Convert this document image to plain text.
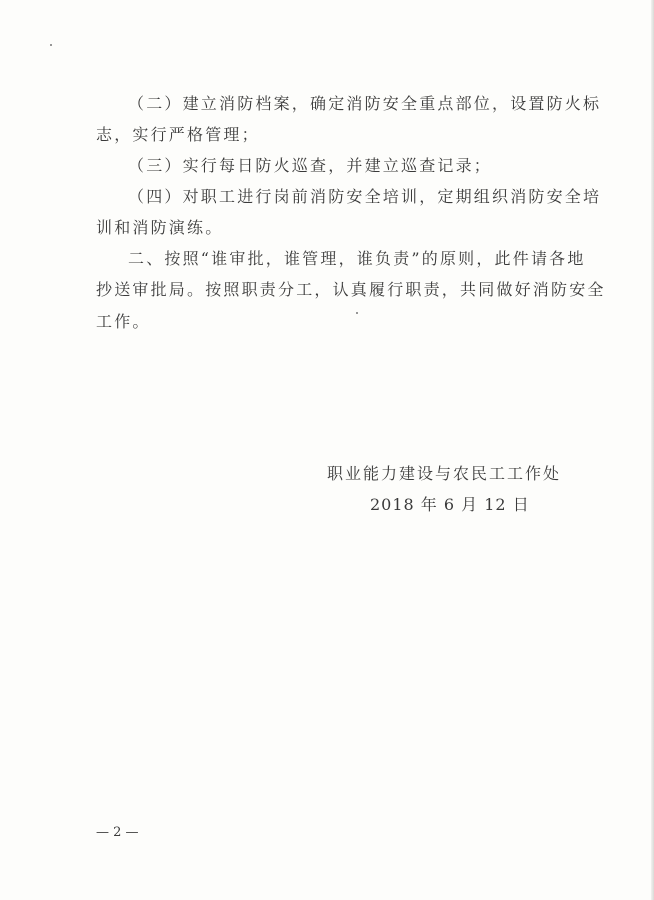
（二）建立消防档案，确定消防安全重点部位，设置防火标
志，实行严格管理；
（三）实行每日防火巡查，并建立巡查记录；
（四）对职工进行岗前消防安全培训，定期组织消防安全培
训和消防演练。
二、按照“谁审批，谁管理，谁负责”的原则，此件请各地
抄送审批局。按照职责分工，认真履行职责，共同做好消防安全
工作。
职业能力建设与农民工工作处
2018 年 6 月 12 日
— 2 —
